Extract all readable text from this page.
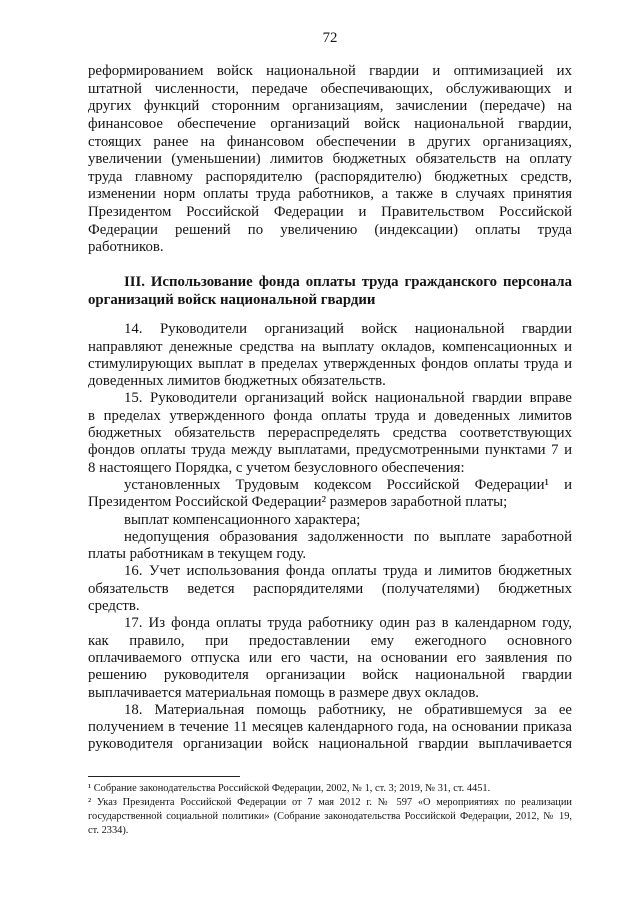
72
реформированием войск национальной гвардии и оптимизацией их
штатной численности, передаче обеспечивающих, обслуживающих и
других функций сторонним организациям, зачислении (передаче) на
финансовое обеспечение организаций войск национальной гвардии,
стоящих ранее на финансовом обеспечении в других организациях,
увеличении (уменьшении) лимитов бюджетных обязательств на оплату
труда главному распорядителю (распорядителю) бюджетных средств,
изменении норм оплаты труда работников, а также в случаях принятия
Президентом Российской Федерации и Правительством Российской
Федерации решений по увеличению (индексации) оплаты труда
работников.
III. Использование фонда оплаты труда гражданского персонала
организаций войск национальной гвардии
14. Руководители организаций войск национальной гвардии
направляют денежные средства на выплату окладов, компенсационных и
стимулирующих выплат в пределах утвержденных фондов оплаты труда и
доведенных лимитов бюджетных обязательств.
15. Руководители организаций войск национальной гвардии вправе
в пределах утвержденного фонда оплаты труда и доведенных лимитов
бюджетных обязательств перераспределять средства соответствующих
фондов оплаты труда между выплатами, предусмотренными пунктами 7 и
8 настоящего Порядка, с учетом безусловного обеспечения:
установленных Трудовым кодексом Российской Федерации¹ и
Президентом Российской Федерации² размеров заработной платы;
выплат компенсационного характера;
недопущения образования задолженности по выплате заработной
платы работникам в текущем году.
16. Учет использования фонда оплаты труда и лимитов бюджетных
обязательств ведется распорядителями (получателями) бюджетных
средств.
17. Из фонда оплаты труда работнику один раз в календарном году,
как правило, при предоставлении ему ежегодного основного
оплачиваемого отпуска или его части, на основании его заявления по
решению руководителя организации войск национальной гвардии
выплачивается материальная помощь в размере двух окладов.
18. Материальная помощь работнику, не обратившемуся за ее
получением в течение 11 месяцев календарного года, на основании приказа
руководителя организации войск национальной гвардии выплачивается
¹ Собрание законодательства Российской Федерации, 2002, № 1, ст. 3; 2019, № 31, ст. 4451.
² Указ Президента Российской Федерации от 7 мая 2012 г. № 597 «О мероприятиях по реализации
государственной социальной политики» (Собрание законодательства Российской Федерации, 2012, № 19,
ст. 2334).
